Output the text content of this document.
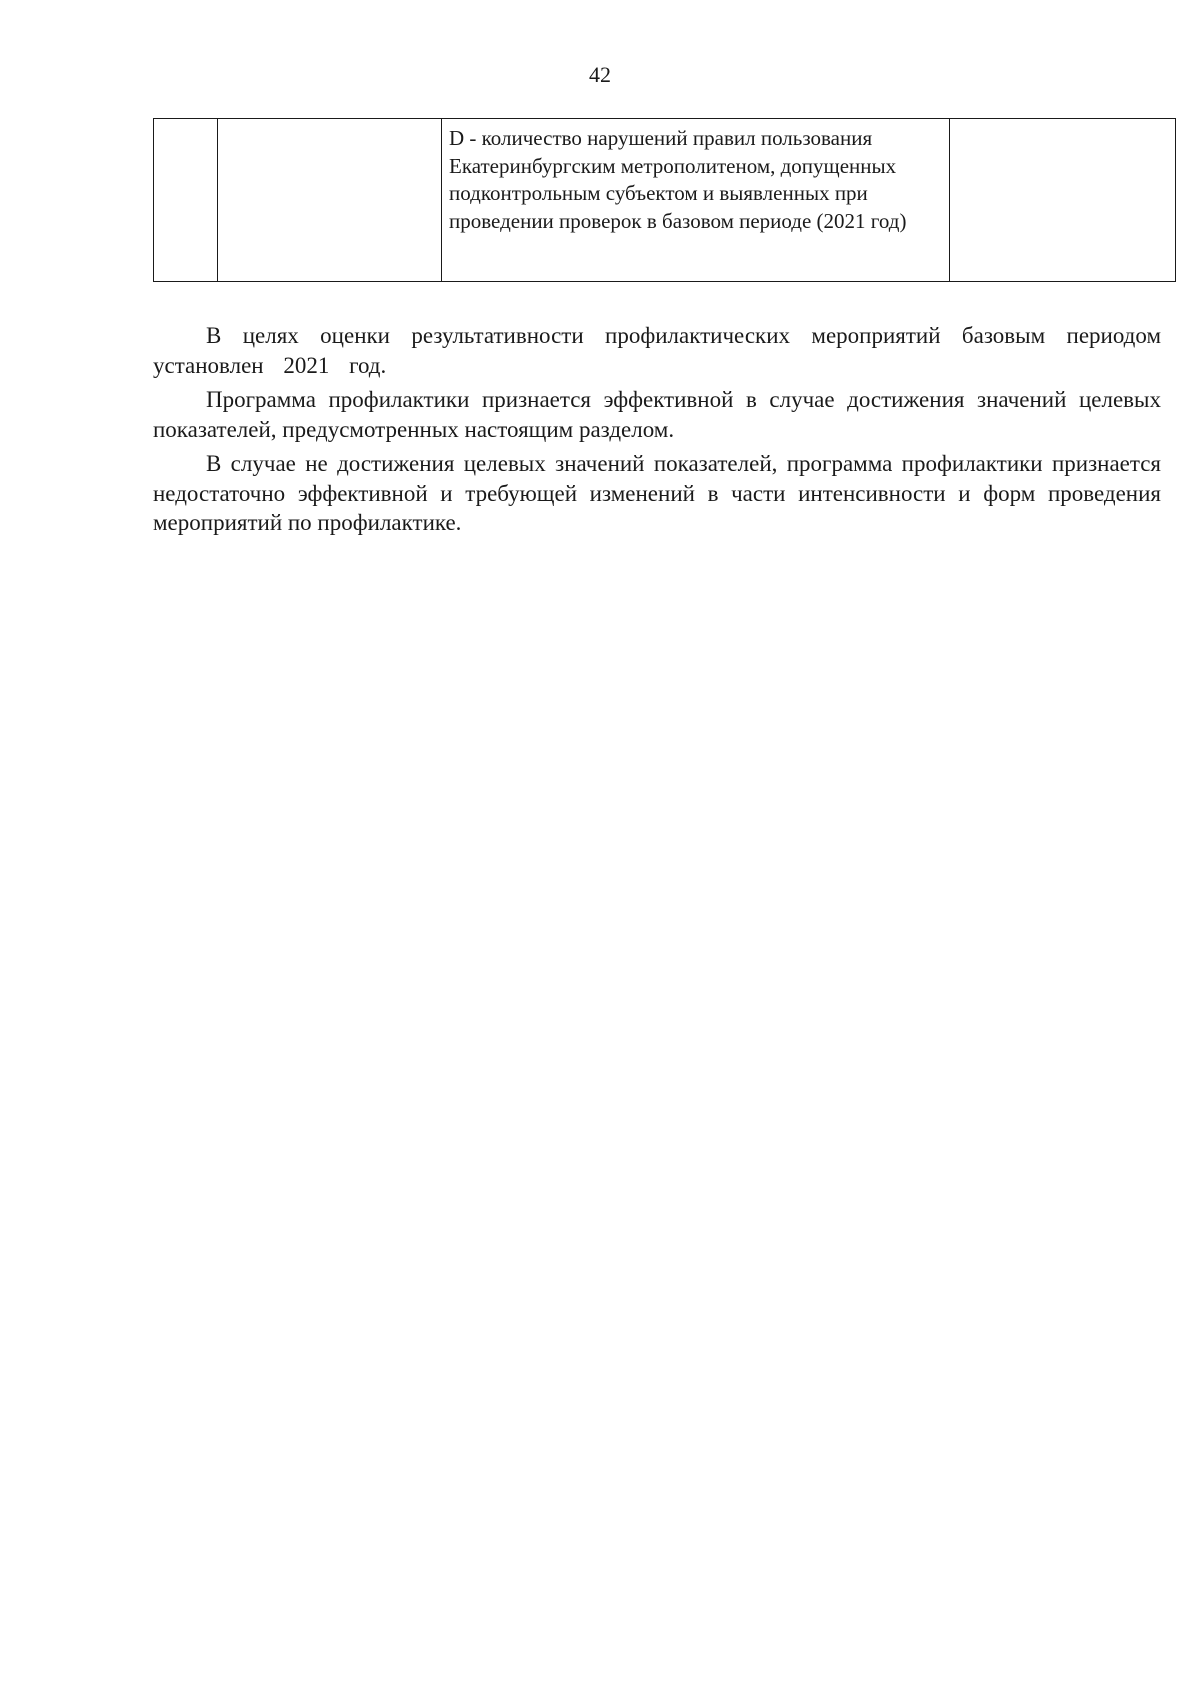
42

D - количество нарушений правил пользования Екатеринбургским метрополитеном, допущенных подконтрольным субъектом и выявленных при проведении проверок в базовом периоде (2021 год)

В целях оценки результативности профилактических мероприятий базовым периодом установлен 2021 год.

Программа профилактики признается эффективной в случае достижения значений целевых показателей, предусмотренных настоящим разделом.

В случае не достижения целевых значений показателей, программа профилактики признается недостаточно эффективной и требующей изменений в части интенсивности и форм проведения мероприятий по профилактике.
